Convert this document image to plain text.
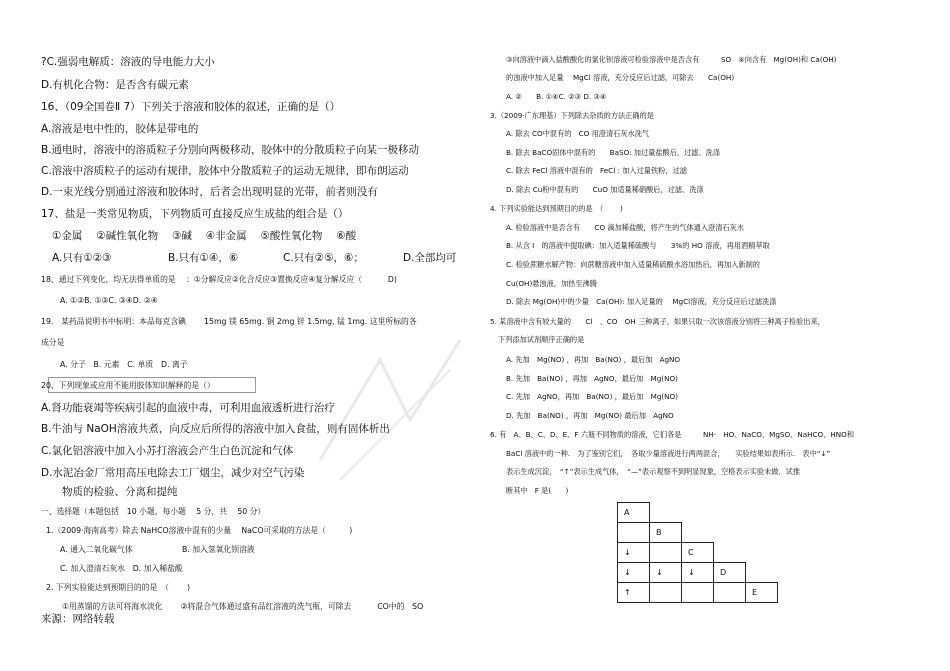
?C.强弱电解质：溶液的导电能力大小
D.有机化合物：是否含有碳元素
16、（09全国卷Ⅱ 7）下列关于溶液和胶体的叙述，正确的是（）
A.溶液是电中性的，胶体是带电的
B.通电时，溶液中的溶质粒子分别向两极移动，胶体中的分散质粒子向某一极移动
C.溶液中溶质粒子的运动有规律，胶体中分散质粒子的运动无规律，即布朗运动
D.一束光线分别通过溶液和胶体时，后者会出现明显的光带，前者则没有
17、盐是一类常见物质，下列物质可直接反应生成盐的组合是（）
①金属　 ②碱性氧化物　 ③碱　 ④非金属　 ⑤酸性氧化物　 ⑥酸
A.只有①②③	B.只有①④，⑥	C.只有②⑤，⑥；	D.全部均可
18、通过下列变化，均无法得单质的是　 ：①分解反应②化合反应③置换反应④复分解反应（　　　 D)
A. ①②B. ①③C. ③④D. ②④
19.　某药品说明书中标明：本品每克含碘　　 15mg 镁 65mg. 铜 2mg 锌 1.5mg, 锰 1mg. 这里所标的各
成分是
A. 分子　B. 元素　C. 单质　D. 离子
20、下列现象或应用不能用胶体知识解释的是（）
A.肾功能衰竭等疾病引起的血液中毒，可利用血液透析进行治疗
B.牛油与 NaOH溶液共煮，向反应后所得的溶液中加入食盐，则有固体析出
C.氯化铝溶液中加入小苏打溶液会产生白色沉淀和气体
D.水泥冶金厂常用高压电除去工厂烟尘，减少对空气污染
物质的检验、分离和提纯
一、选择题（本题包括　10 小题，每小题　 5 分，共　 50 分）
1.（2009·海南高考）除去 NaHCO溶液中混有的少量　 NaCO可采取的方法是（　　　)
A. 通入二氧化碳气体	B. 加入氢氧化钡溶液
C. 加入澄清石灰水　D. 加入稀盐酸
2. 下列实验能达到预期目的的是　（　　 )
①用蒸馏的方法可将海水淡化　　 ②将混合气体通过盛有品红溶液的洗气瓶，可除去　　　 CO中的　SO
来源：网络转载
③向溶液中滴入盐酸酸化的氯化钡溶液可检验溶液中是否含有　　　SO　④向含有　Mg(OH)和 Ca(OH)
的浊液中加入足量　 MgCl 溶液，充分反应后过滤，可除去　　Ca(OH)
A. ②　　B. ①④C. ②③ D. ③④
3.（2009·广东理基）下列除去杂质的方法正确的是
A. 除去 CO中混有的　CO 用澄清石灰水洗气
B. 除去 BaCO固体中混有的　　BaSO: 加过量盐酸后，过滤、洗涤
C. 除去 FeCl 溶液中混有的　FeCl : 加入过量铁粉，过滤
D. 除去 Cu粉中混有的　　CuO 加适量稀硝酸后，过滤、洗涤
4. 下列实验能达到预期目的的是　（　　 )
A. 检验溶液中是否含有　　CO 滴加稀盐酸，将产生的气体通入澄清石灰水
B. 从含 I　的溶液中提取碘：加入适量稀硫酸与　　3%的 HO 溶液，再用酒精萃取
C. 检验蔗糖水解产物：向蔗糖溶液中加入适量稀硫酸水浴加热后，再加入新制的
Cu(OH)悬浊液，加热至沸腾
D. 除去 Mg(OH)中的少量　Ca(OH): 加入足量的　 MgCl溶液，充分反应后过滤洗涤
5. 某溶液中含有较大量的　　Cl　、CO　OH 三种离子，如果只取一次该溶液分别将三种离子检验出来，
下列添加试剂顺序正确的是
A. 先加　Mg(NO) ，再加　Ba(NO) ，最后加　AgNO
B. 先加　Ba(NO) ，再加　AgNO，最后加　Mg(NO)
C. 先加　AgNO，再加　Ba(NO) ，最后加　Mg(NO)
D. 先加　Ba(NO) ，再加　Mg(NO) 最后加　AgNO
6. 有　A、B、C、D、E、F 六瓶不同物质的溶液，它们各是　　　NH·　HO、NaCO、MgSO、NaHCO、HNO和
BaCl 溶液中的一种.　为了鉴别它们，　各取少量溶液进行两两混合，　　实验结果如表所示.　表中“↓”
表示生成沉淀，　“↑”表示生成气体，　“—”表示观察不到明显现象，空格表示实验未做．试推
断其中　F 是(　　)
A				
	B			
↓		C		
↓	↓	↓	D	
↑				E
